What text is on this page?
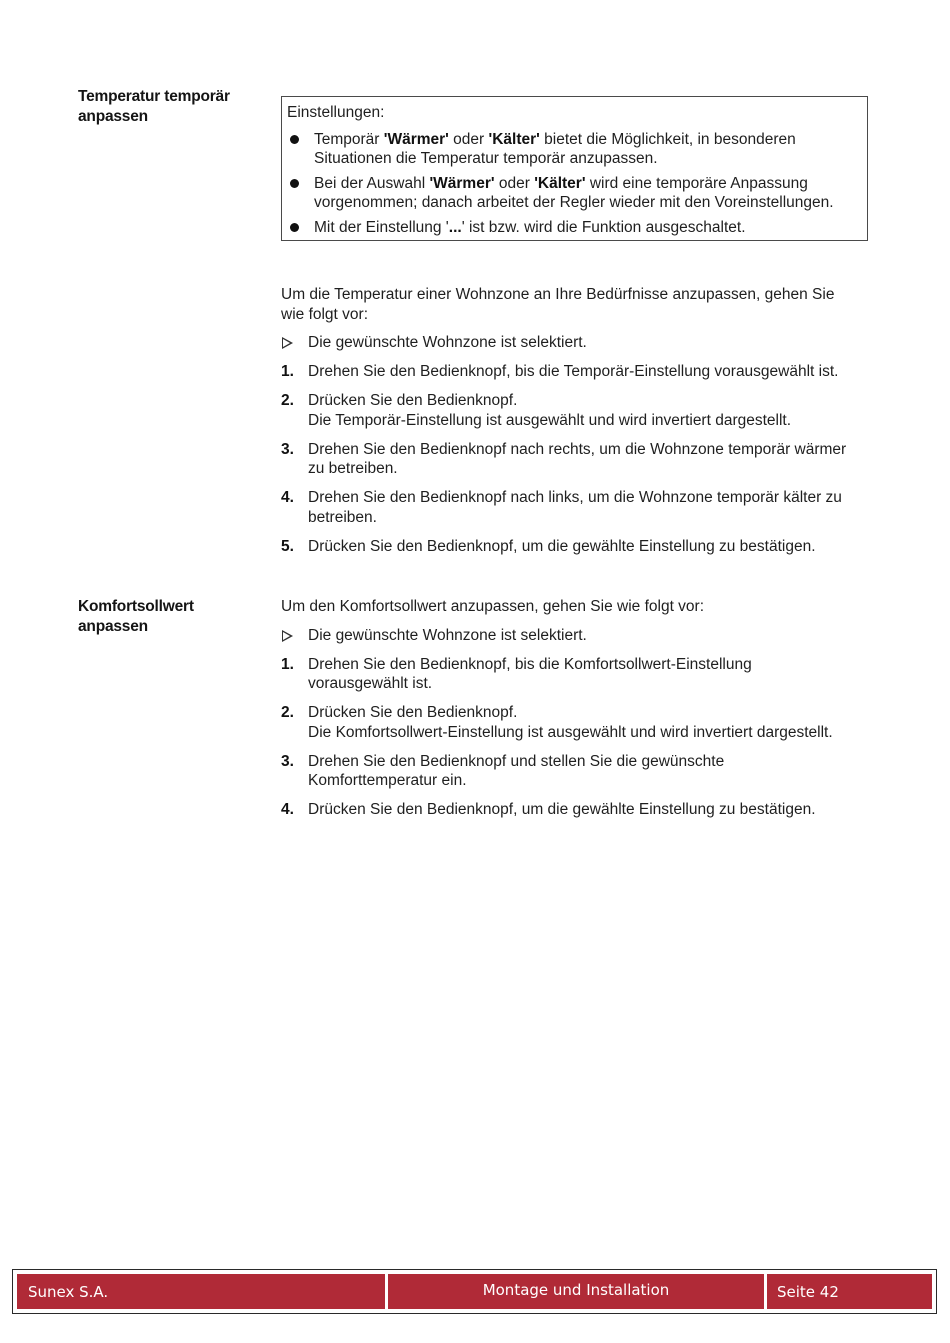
Temperatur temporär
anpassen	Einstellungen:
Temporär 'Wärmer' oder 'Kälter' bietet die Möglichkeit, in besonderen
Situationen die Temperatur temporär anzupassen.
Bei der Auswahl 'Wärmer' oder 'Kälter' wird eine temporäre Anpassung
vorgenommen; danach arbeitet der Regler wieder mit den Voreinstellungen.
Mit der Einstellung '...' ist bzw. wird die Funktion ausgeschaltet.

Um die Temperatur einer Wohnzone an Ihre Bedürfnisse anzupassen, gehen Sie
wie folgt vor:

Die gewünschte Wohnzone ist selektiert.
1. Drehen Sie den Bedienknopf, bis die Temporär-Einstellung vorausgewählt ist.
2. Drücken Sie den Bedienknopf.
Die Temporär-Einstellung ist ausgewählt und wird invertiert dargestellt.
3. Drehen Sie den Bedienknopf nach rechts, um die Wohnzone temporär wärmer
zu betreiben.
4. Drehen Sie den Bedienknopf nach links, um die Wohnzone temporär kälter zu
betreiben.
5. Drücken Sie den Bedienknopf, um die gewählte Einstellung zu bestätigen.
Komfortsollwert
anpassen

Um den Komfortsollwert anzupassen, gehen Sie wie folgt vor:

Die gewünschte Wohnzone ist selektiert.
1. Drehen Sie den Bedienknopf, bis die Komfortsollwert-Einstellung
vorausgewählt ist.
2. Drücken Sie den Bedienknopf.
Die Komfortsollwert-Einstellung ist ausgewählt und wird invertiert dargestellt.
3. Drehen Sie den Bedienknopf und stellen Sie die gewünschte
Komforttemperatur ein.
4. Drücken Sie den Bedienknopf, um die gewählte Einstellung zu bestätigen.
Sunex S.A.	Montage und Installation	Seite 42
